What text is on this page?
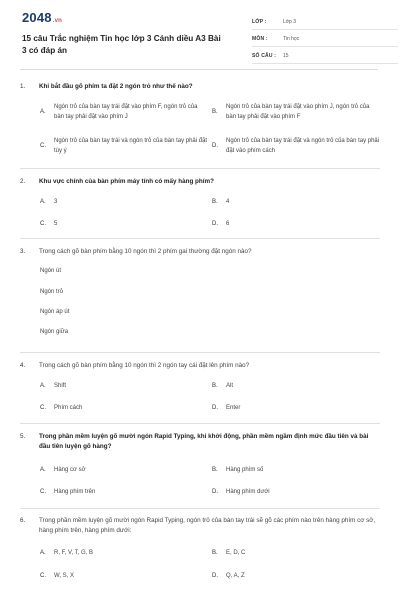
2048.vn
15 câu Trắc nghiệm Tin học lớp 3 Cánh diều A3 Bài 3 có đáp án
LỚP :	Lớp 3
MÔN :	Tin học
SỐ CÂU :	15
1.	Khi bắt đầu gõ phím ta đặt 2 ngón trỏ như thế nào?
A.
Ngón trỏ của bàn tay trái đặt vào phím F, ngón trỏ của bàn tay phải đặt vào phím J
B.
Ngón trỏ của bàn tay trái đặt vào phím J, ngón trỏ của bàn tay phải đặt vào phím F
C.
Ngón trỏ của bàn tay trái và ngón trỏ của bàn tay phải đặt tùy ý
D.
Ngón trỏ của bàn tay trái đặt và ngón trỏ của bàn tay phải đặt vào phím cách
2.	Khu vực chính của bàn phím máy tính có mấy hàng phím?
A.	3	B.	4
C.	5	D.	6
3.	Trong cách gõ bàn phím bằng 10 ngón thì 2 phím gai thường đặt ngón nào?
Ngón út
Ngón trỏ
Ngón áp út
Ngón giữa
4.	Trong cách gõ bàn phím bằng 10 ngón thì 2 ngón tay cái đặt lên phím nào?
A.	Shift	B.	Alt
C.	Phím cách	D.	Enter
5.	Trong phần mềm luyện gõ mười ngón Rapid Typing, khi khởi động, phần mềm ngầm định mức đầu tiên và bài đầu tiên luyện gõ hàng?
A.	Hàng cơ sở	B.	Hàng phím số
C.	Hàng phím trên	D.	Hàng phím dưới
6.	Trong phần mềm luyện gõ mười ngón Rapid Typing, ngón trỏ của bàn tay trái sẽ gõ các phím nào trên hàng phím cơ sở, hàng phím trên, hàng phím dưới:
A.	R, F, V, T, G, B	B.	E, D, C
C.	W, S, X	D.	Q, A, Z
